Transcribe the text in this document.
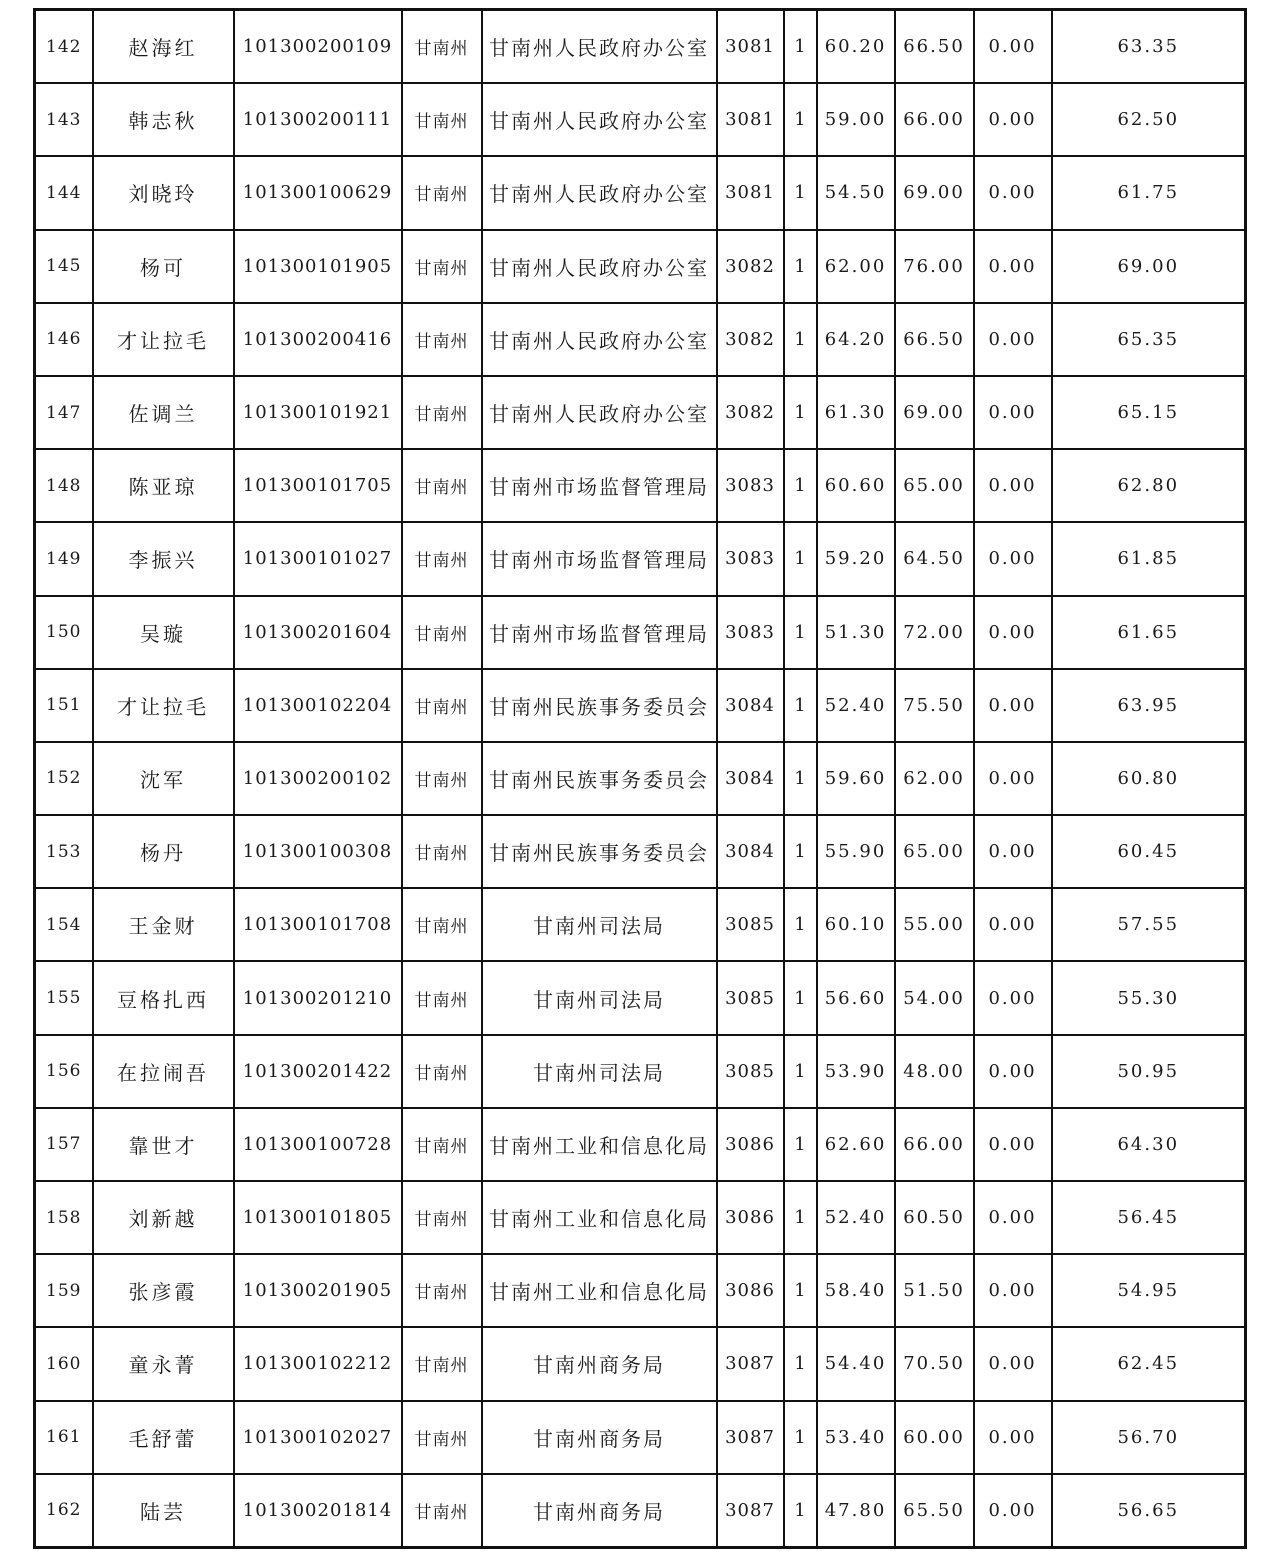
142	赵海红	101300200109	甘南州	甘南州人民政府办公室	3081	1	60.20	66.50	0.00	63.35
143	韩志秋	101300200111	甘南州	甘南州人民政府办公室	3081	1	59.00	66.00	0.00	62.50
144	刘晓玲	101300100629	甘南州	甘南州人民政府办公室	3081	1	54.50	69.00	0.00	61.75
145	杨可	101300101905	甘南州	甘南州人民政府办公室	3082	1	62.00	76.00	0.00	69.00
146	才让拉毛	101300200416	甘南州	甘南州人民政府办公室	3082	1	64.20	66.50	0.00	65.35
147	佐调兰	101300101921	甘南州	甘南州人民政府办公室	3082	1	61.30	69.00	0.00	65.15
148	陈亚琼	101300101705	甘南州	甘南州市场监督管理局	3083	1	60.60	65.00	0.00	62.80
149	李振兴	101300101027	甘南州	甘南州市场监督管理局	3083	1	59.20	64.50	0.00	61.85
150	吴璇	101300201604	甘南州	甘南州市场监督管理局	3083	1	51.30	72.00	0.00	61.65
151	才让拉毛	101300102204	甘南州	甘南州民族事务委员会	3084	1	52.40	75.50	0.00	63.95
152	沈军	101300200102	甘南州	甘南州民族事务委员会	3084	1	59.60	62.00	0.00	60.80
153	杨丹	101300100308	甘南州	甘南州民族事务委员会	3084	1	55.90	65.00	0.00	60.45
154	王金财	101300101708	甘南州	甘南州司法局	3085	1	60.10	55.00	0.00	57.55
155	豆格扎西	101300201210	甘南州	甘南州司法局	3085	1	56.60	54.00	0.00	55.30
156	在拉闹吾	101300201422	甘南州	甘南州司法局	3085	1	53.90	48.00	0.00	50.95
157	靠世才	101300100728	甘南州	甘南州工业和信息化局	3086	1	62.60	66.00	0.00	64.30
158	刘新越	101300101805	甘南州	甘南州工业和信息化局	3086	1	52.40	60.50	0.00	56.45
159	张彦霞	101300201905	甘南州	甘南州工业和信息化局	3086	1	58.40	51.50	0.00	54.95
160	童永菁	101300102212	甘南州	甘南州商务局	3087	1	54.40	70.50	0.00	62.45
161	毛舒蕾	101300102027	甘南州	甘南州商务局	3087	1	53.40	60.00	0.00	56.70
162	陆芸	101300201814	甘南州	甘南州商务局	3087	1	47.80	65.50	0.00	56.65
